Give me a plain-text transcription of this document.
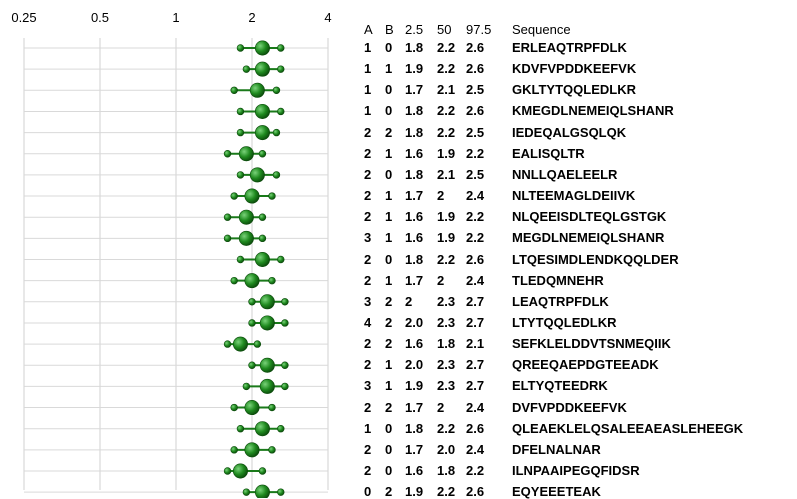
0.25	0.5	1	2	4
A B 2.5 50 97.5 Sequence
1 0 1.8 2.2 2.6 ERLEAQTRPFDLK
1 1 1.9 2.2 2.6 KDVFVPDDKEEFVK
1 0 1.7 2.1 2.5 GKLTYTQQLEDLKR
1 0 1.8 2.2 2.6 KMEGDLNEMEIQLSHANR
2 2 1.8 2.2 2.5 IEDEQALGSQLQK
2 1 1.6 1.9 2.2 EALISQLTR
2 0 1.8 2.1 2.5 NNLLQAELEELR
2 1 1.7 2 2.4 NLTEEMAGLDEIIVK
2 1 1.6 1.9 2.2 NLQEEISDLTEQLGSTGK
3 1 1.6 1.9 2.2 MEGDLNEMEIQLSHANR
2 0 1.8 2.2 2.6 LTQESIMDLENDKQQLDER
2 1 1.7 2 2.4 TLEDQMNEHR
3 2 2 2.3 2.7 LEAQTRPFDLK
4 2 2.0 2.3 2.7 LTYTQQLEDLKR
2 2 1.6 1.8 2.1 SEFKLELDDVTSNMEQIIK
2 1 2.0 2.3 2.7 QREEQAEPDGTEEADK
3 1 1.9 2.3 2.7 ELTYQTEEDRK
2 2 1.7 2 2.4 DVFVPDDKEEFVK
1 0 1.8 2.2 2.6 QLEAEKLELQSALEEAEASLEHEEGK
2 0 1.7 2.0 2.4 DFELNALNAR
2 0 1.6 1.8 2.2 ILNPAAIPEGQFIDSR
0 2 1.9 2.2 2.6 EQYEEETEAK
